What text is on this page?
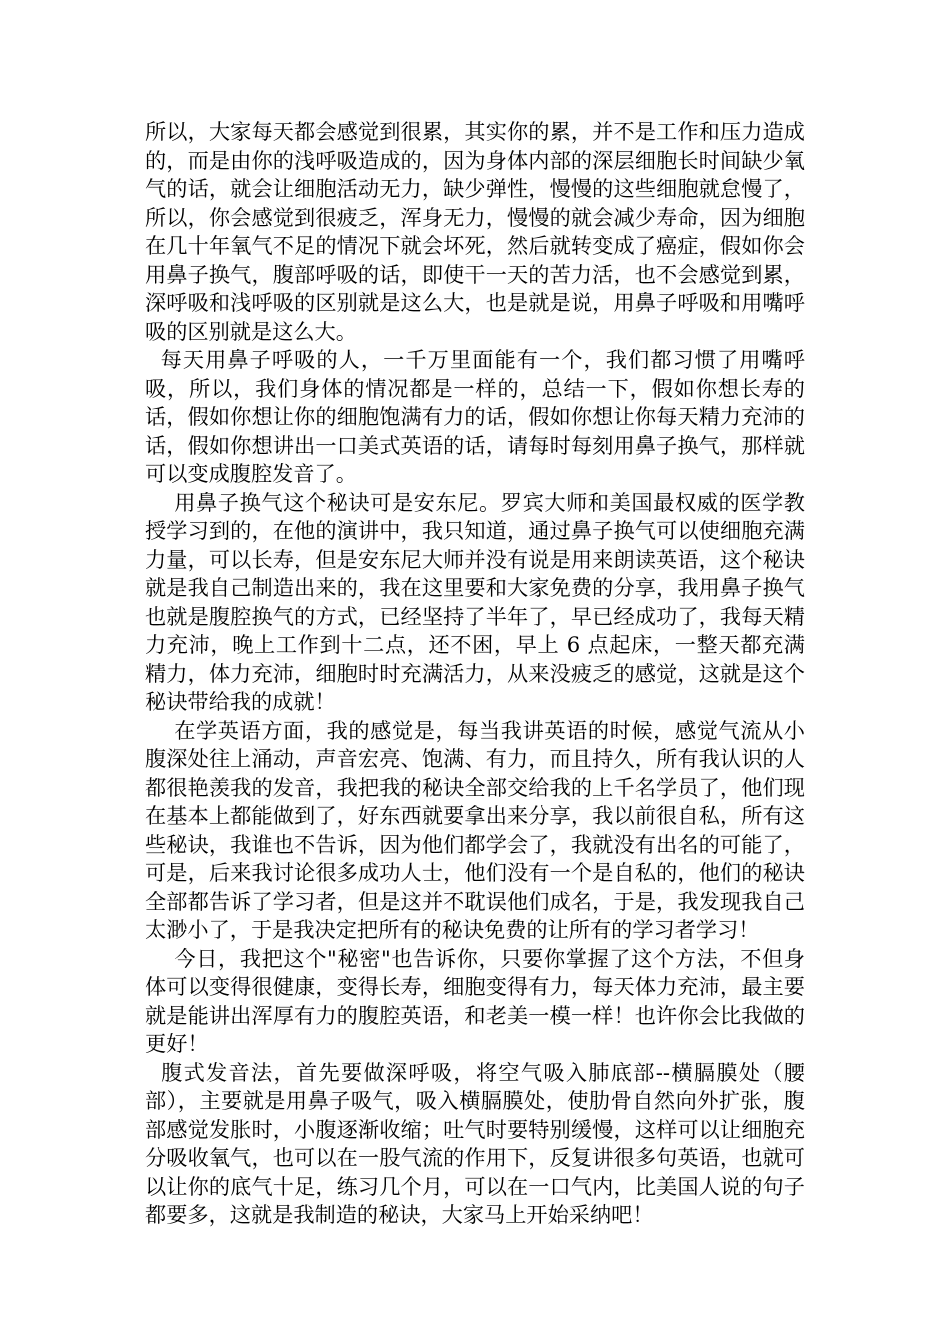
所以，大家每天都会感觉到很累，其实你的累，并不是工作和压力造成的，而是由你的浅呼吸造成的，因为身体内部的深层细胞长时间缺少氧气的话，就会让细胞活动无力，缺少弹性，慢慢的这些细胞就怠慢了，所以，你会感觉到很疲乏，浑身无力，慢慢的就会减少寿命，因为细胞在几十年氧气不足的情况下就会坏死，然后就转变成了癌症，假如你会用鼻子换气，腹部呼吸的话，即使干一天的苦力活，也不会感觉到累，深呼吸和浅呼吸的区别就是这么大，也是就是说，用鼻子呼吸和用嘴呼吸的区别就是这么大。

每天用鼻子呼吸的人，一千万里面能有一个，我们都习惯了用嘴呼吸，所以，我们身体的情况都是一样的，总结一下，假如你想长寿的话，假如你想让你的细胞饱满有力的话，假如你想让你每天精力充沛的话，假如你想讲出一口美式英语的话，请每时每刻用鼻子换气，那样就可以变成腹腔发音了。

用鼻子换气这个秘诀可是安东尼。罗宾大师和美国最权威的医学教授学习到的，在他的演讲中，我只知道，通过鼻子换气可以使细胞充满力量，可以长寿，但是安东尼大师并没有说是用来朗读英语，这个秘诀就是我自己制造出来的，我在这里要和大家免费的分享，我用鼻子换气也就是腹腔换气的方式，已经坚持了半年了，早已经成功了，我每天精力充沛，晚上工作到十二点，还不困，早上 6 点起床，一整天都充满精力，体力充沛，细胞时时充满活力，从来没疲乏的感觉，这就是这个秘诀带给我的成就！

在学英语方面，我的感觉是，每当我讲英语的时候，感觉气流从小腹深处往上涌动，声音宏亮、饱满、有力，而且持久，所有我认识的人都很艳羡我的发音，我把我的秘诀全部交给我的上千名学员了，他们现在基本上都能做到了，好东西就要拿出来分享，我以前很自私，所有这些秘诀，我谁也不告诉，因为他们都学会了，我就没有出名的可能了，可是，后来我讨论很多成功人士，他们没有一个是自私的，他们的秘诀全部都告诉了学习者，但是这并不耽误他们成名，于是，我发现我自己太渺小了，于是我决定把所有的秘诀免费的让所有的学习者学习！

今日，我把这个"秘密"也告诉你，只要你掌握了这个方法，不但身体可以变得很健康，变得长寿，细胞变得有力，每天体力充沛，最主要就是能讲出浑厚有力的腹腔英语，和老美一模一样！也许你会比我做的更好！

腹式发音法，首先要做深呼吸，将空气吸入肺底部--横膈膜处（腰部），主要就是用鼻子吸气，吸入横膈膜处，使肋骨自然向外扩张，腹部感觉发胀时，小腹逐渐收缩；吐气时要特别缓慢，这样可以让细胞充分吸收氧气，也可以在一股气流的作用下，反复讲很多句英语，也就可以让你的底气十足，练习几个月，可以在一口气内，比美国人说的句子都要多，这就是我制造的秘诀，大家马上开始采纳吧！
